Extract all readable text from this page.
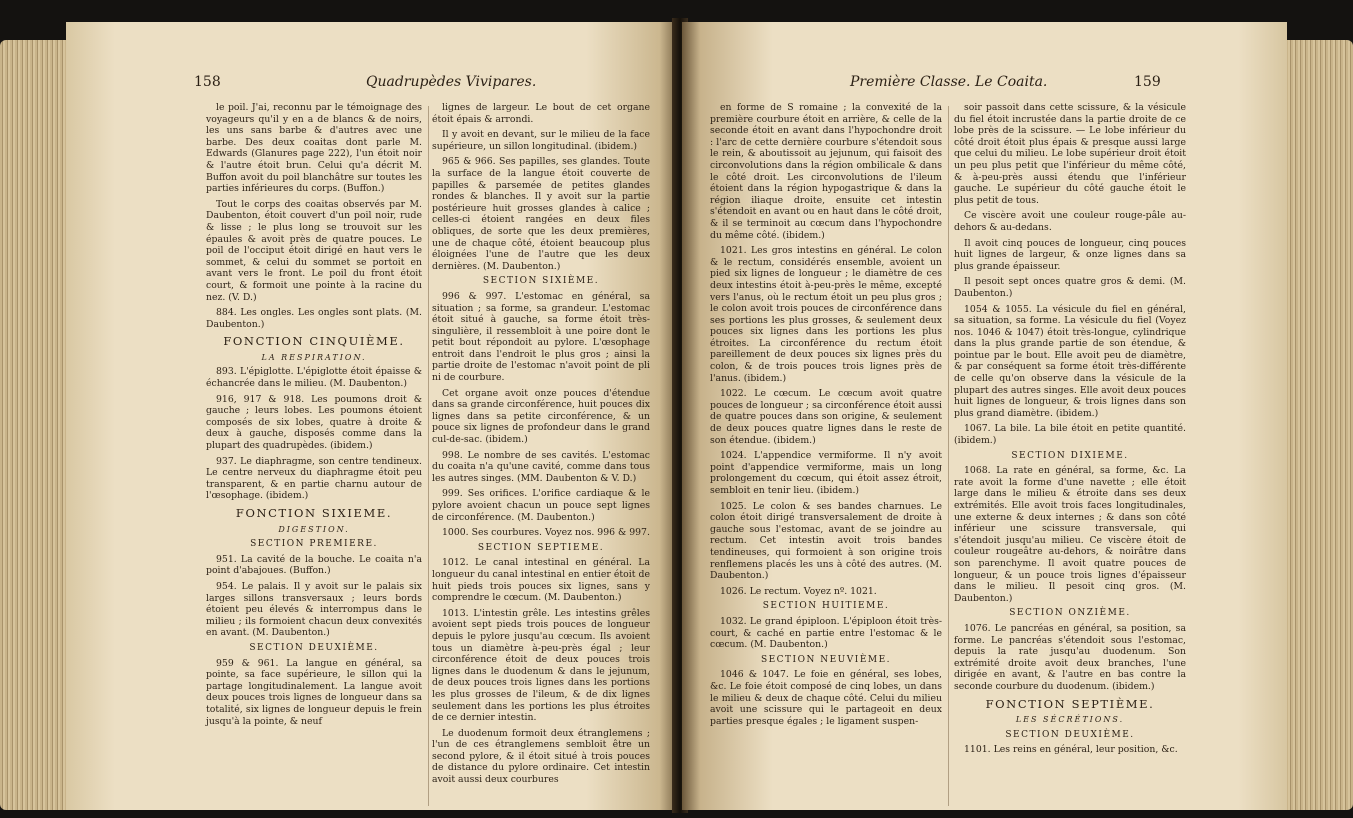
158	Quadrupèdes Vivipares.

le poil. J'ai, reconnu par le témoignage des voyageurs qu'il y en a de blancs & de noirs, les uns sans barbe & d'autres avec une barbe. Des deux coaitas dont parle M. Edwards (Glanures page 222), l'un étoit noir & l'autre étoit brun. Celui qu'a décrit M. Buffon avoit du poil blanchâtre sur toutes les parties inférieures du corps. (Buffon.)

Tout le corps des coaitas observés par M. Daubenton, étoit couvert d'un poil noir, rude & lisse ; le plus long se trouvoit sur les épaules & avoit près de quatre pouces. Le poil de l'occiput étoit dirigé en haut vers le sommet, & celui du sommet se portoit en avant vers le front. Le poil du front étoit court, & formoit une pointe à la racine du nez. (V. D.)

884. Les ongles. Les ongles sont plats. (M. Daubenton.)

FONCTION CINQUIÈME.
LA RESPIRATION.

893. L'épiglotte. L'épiglotte étoit épaisse & échancrée dans le milieu. (M. Daubenton.)

916, 917 & 918. Les poumons droit & gauche ; leurs lobes. Les poumons étoient composés de six lobes, quatre à droite & deux à gauche, disposés comme dans la plupart des quadrupèdes. (ibidem.)

937. Le diaphragme, son centre tendineux. Le centre nerveux du diaphragme étoit peu transparent, & en partie charnu autour de l'œsophage. (ibidem.)

FONCTION SIXIEME.
DIGESTION.
SECTION PREMIERE.

951. La cavité de la bouche. Le coaita n'a point d'abajoues. (Buffon.)

954. Le palais. Il y avoit sur le palais six larges sillons transversaux ; leurs bords étoient peu élevés & interrompus dans le milieu ; ils formoient chacun deux convexités en avant. (M. Daubenton.)

SECTION DEUXIÈME.

959 & 961. La langue en général, sa pointe, sa face supérieure, le sillon qui la partage longitudinalement. La langue avoit deux pouces trois lignes de longueur dans sa totalité, six lignes de longueur depuis le frein jusqu'à la pointe, & neuf

lignes de largeur. Le bout de cet organe étoit épais & arrondi.

Il y avoit en devant, sur le milieu de la face supérieure, un sillon longitudinal. (ibidem.)

965 & 966. Ses papilles, ses glandes. Toute la surface de la langue étoit couverte de papilles & parsemée de petites glandes rondes & blanches. Il y avoit sur la partie postérieure huit grosses glandes à calice ; celles-ci étoient rangées en deux files obliques, de sorte que les deux premières, une de chaque côté, étoient beaucoup plus éloignées l'une de l'autre que les deux dernières. (M. Daubenton.)

SECTION SIXIÈME.

996 & 997. L'estomac en général, sa situation ; sa forme, sa grandeur. L'estomac étoit situé à gauche, sa forme étoit très-singulière, il ressembloit à une poire dont le petit bout répondoit au pylore. L'œsophage entroit dans l'endroit le plus gros ; ainsi la partie droite de l'estomac n'avoit point de pli ni de courbure.

Cet organe avoit onze pouces d'étendue dans sa grande circonférence, huit pouces dix lignes dans sa petite circonférence, & un pouce six lignes de profondeur dans le grand cul-de-sac. (ibidem.)

998. Le nombre de ses cavités. L'estomac du coaita n'a qu'une cavité, comme dans tous les autres singes. (MM. Daubenton & V. D.)

999. Ses orifices. L'orifice cardiaque & le pylore avoient chacun un pouce sept lignes de circonférence. (M. Daubenton.)

1000. Ses courbures. Voyez nos. 996 & 997.

SECTION SEPTIEME.

1012. Le canal intestinal en général. La longueur du canal intestinal en entier étoit de huit pieds trois pouces six lignes, sans y comprendre le cœcum. (M. Daubenton.)

1013. L'intestin grêle. Les intestins grêles avoient sept pieds trois pouces de longueur depuis le pylore jusqu'au cœcum. Ils avoient tous un diamètre à-peu-près égal ; leur circonférence étoit de deux pouces trois lignes dans le duodenum & dans le jejunum, de deux pouces trois lignes dans les portions les plus grosses de l'ileum, & de dix lignes seulement dans les portions les plus étroites de ce dernier intestin.

Le duodenum formoit deux étranglemens ; l'un de ces étranglemens sembloit être un second pylore, & il étoit situé à trois pouces de distance du pylore ordinaire. Cet intestin avoit aussi deux courbures

Première Classe. Le Coaita.	159

en forme de S romaine ; la convexité de la première courbure étoit en arrière, & celle de la seconde étoit en avant dans l'hypochondre droit : l'arc de cette dernière courbure s'étendoit sous le rein, & aboutissoit au jejunum, qui faisoit des circonvolutions dans la région ombilicale & dans le côté droit. Les circonvolutions de l'ileum étoient dans la région hypogastrique & dans la région iliaque droite, ensuite cet intestin s'étendoit en avant ou en haut dans le côté droit, & il se terminoit au cœcum dans l'hypochondre du même côté. (ibidem.)

1021. Les gros intestins en général. Le colon & le rectum, considérés ensemble, avoient un pied six lignes de longueur ; le diamètre de ces deux intestins étoit à-peu-près le même, excepté vers l'anus, où le rectum étoit un peu plus gros ; le colon avoit trois pouces de circonférence dans ses portions les plus grosses, & seulement deux pouces six lignes dans les portions les plus étroites. La circonférence du rectum étoit pareillement de deux pouces six lignes près du colon, & de trois pouces trois lignes près de l'anus. (ibidem.)

1022. Le cœcum. Le cœcum avoit quatre pouces de longueur ; sa circonférence étoit aussi de quatre pouces dans son origine, & seulement de deux pouces quatre lignes dans le reste de son étendue. (ibidem.)

1024. L'appendice vermiforme. Il n'y avoit point d'appendice vermiforme, mais un long prolongement du cœcum, qui étoit assez étroit, sembloit en tenir lieu. (ibidem.)

1025. Le colon & ses bandes charnues. Le colon étoit dirigé transversalement de droite à gauche sous l'estomac, avant de se joindre au rectum. Cet intestin avoit trois bandes tendineuses, qui formoient à son origine trois renflemens placés les uns à côté des autres. (M. Daubenton.)

1026. Le rectum. Voyez nº. 1021.

SECTION HUITIEME.

1032. Le grand épiploon. L'épiploon étoit très-court, & caché en partie entre l'estomac & le cœcum. (M. Daubenton.)

SECTION NEUVIÈME.

1046 & 1047. Le foie en général, ses lobes, &c. Le foie étoit composé de cinq lobes, un dans le milieu & deux de chaque côté. Celui du milieu avoit une scissure qui le partageoit en deux parties presque égales ; le ligament suspen-

soir passoit dans cette scissure, & la vésicule du fiel étoit incrustée dans la partie droite de ce lobe près de la scissure. — Le lobe inférieur du côté droit étoit plus épais & presque aussi large que celui du milieu. Le lobe supérieur droit étoit un peu plus petit que l'inférieur du même côté, & à-peu-près aussi étendu que l'inférieur gauche. Le supérieur du côté gauche étoit le plus petit de tous.

Ce viscère avoit une couleur rouge-pâle au-dehors & au-dedans.

Il avoit cinq pouces de longueur, cinq pouces huit lignes de largeur, & onze lignes dans sa plus grande épaisseur.

Il pesoit sept onces quatre gros & demi. (M. Daubenton.)

1054 & 1055. La vésicule du fiel en général, sa situation, sa forme. La vésicule du fiel (Voyez nos. 1046 & 1047) étoit très-longue, cylindrique dans la plus grande partie de son étendue, & pointue par le bout. Elle avoit peu de diamètre, & par conséquent sa forme étoit très-différente de celle qu'on observe dans la vésicule de la plupart des autres singes. Elle avoit deux pouces huit lignes de longueur, & trois lignes dans son plus grand diamètre. (ibidem.)

1067. La bile. La bile étoit en petite quantité. (ibidem.)

SECTION DIXIEME.

1068. La rate en général, sa forme, &c. La rate avoit la forme d'une navette ; elle étoit large dans le milieu & étroite dans ses deux extrémités. Elle avoit trois faces longitudinales, une externe & deux internes ; & dans son côté inférieur une scissure transversale, qui s'étendoit jusqu'au milieu. Ce viscère étoit de couleur rougeâtre au-dehors, & noirâtre dans son parenchyme. Il avoit quatre pouces de longueur, & un pouce trois lignes d'épaisseur dans le milieu. Il pesoit cinq gros. (M. Daubenton.)

SECTION ONZIÈME.

1076. Le pancréas en général, sa position, sa forme. Le pancréas s'étendoit sous l'estomac, depuis la rate jusqu'au duodenum. Son extrémité droite avoit deux branches, l'une dirigée en avant, & l'autre en bas contre la seconde courbure du duodenum. (ibidem.)

FONCTION SEPTIÈME.
LES SÉCRÉTIONS.
SECTION DEUXIÈME.

1101. Les reins en général, leur position, &c.
